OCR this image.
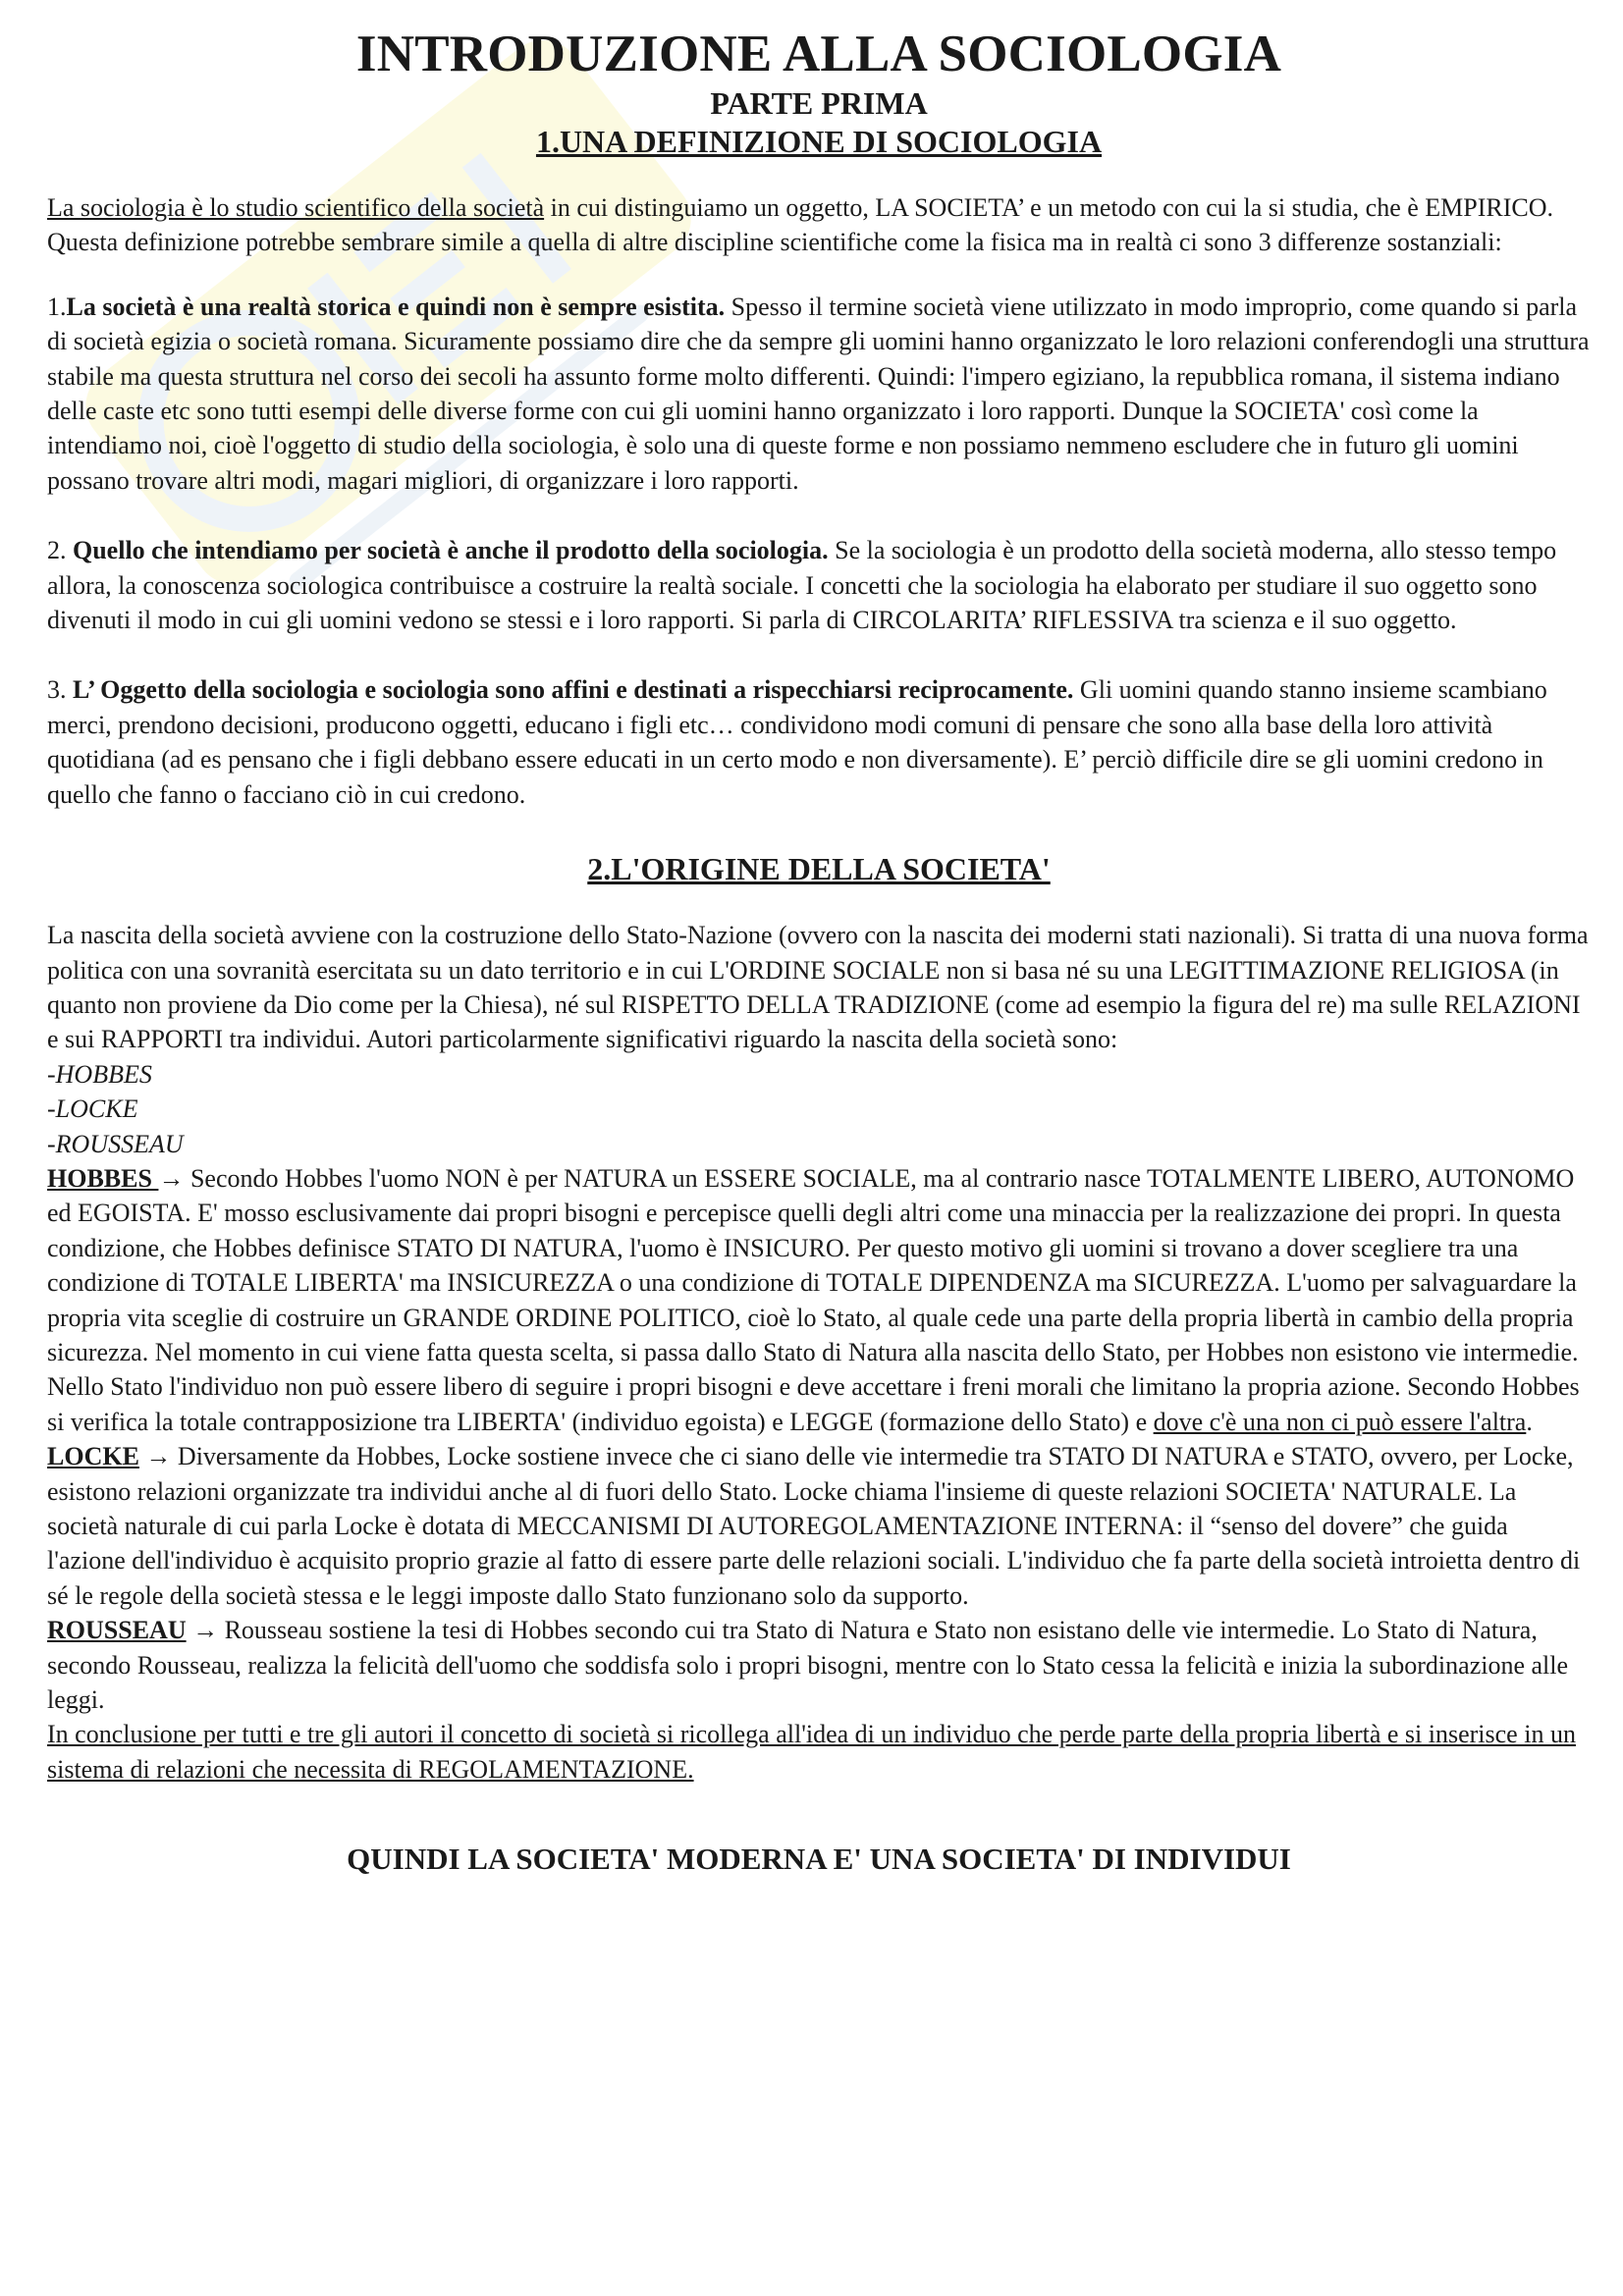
INTRODUZIONE ALLA SOCIOLOGIA
PARTE PRIMA
1.UNA DEFINIZIONE DI SOCIOLOGIA

La sociologia è lo studio scientifico della società in cui distinguiamo un oggetto, LA SOCIETA’ e un metodo con cui la si studia, che è EMPIRICO. Questa definizione potrebbe sembrare simile a quella di altre discipline scientifiche come la fisica ma in realtà ci sono 3 differenze sostanziali:

1.La società è una realtà storica e quindi non è sempre esistita. Spesso il termine società viene utilizzato in modo improprio, come quando si parla di società egizia o società romana. Sicuramente possiamo dire che da sempre gli uomini hanno organizzato le loro relazioni conferendogli una struttura stabile ma questa struttura nel corso dei secoli ha assunto forme molto differenti. Quindi: l'impero egiziano, la repubblica romana, il sistema indiano delle caste etc sono tutti esempi delle diverse forme con cui gli uomini hanno organizzato i loro rapporti. Dunque la SOCIETA' così come la intendiamo noi, cioè l'oggetto di studio della sociologia, è solo una di queste forme e non possiamo nemmeno escludere che in futuro gli uomini possano trovare altri modi, magari migliori, di organizzare i loro rapporti.

2. Quello che intendiamo per società è anche il prodotto della sociologia. Se la sociologia è un prodotto della società moderna, allo stesso tempo allora, la conoscenza sociologica contribuisce a costruire la realtà sociale. I concetti che la sociologia ha elaborato per studiare il suo oggetto sono divenuti il modo in cui gli uomini vedono se stessi e i loro rapporti. Si parla di CIRCOLARITA’ RIFLESSIVA tra scienza e il suo oggetto.

3. L’ Oggetto della sociologia e sociologia sono affini e destinati a rispecchiarsi reciprocamente. Gli uomini quando stanno insieme scambiano merci, prendono decisioni, producono oggetti, educano i figli etc… condividono modi comuni di pensare che sono alla base della loro attività quotidiana (ad es pensano che i figli debbano essere educati in un certo modo e non diversamente). E’ perciò difficile dire se gli uomini credono in quello che fanno o facciano ciò in cui credono.

2.L'ORIGINE DELLA SOCIETA'

La nascita della società avviene con la costruzione dello Stato-Nazione (ovvero con la nascita dei moderni stati nazionali). Si tratta di una nuova forma politica con una sovranità esercitata su un dato territorio e in cui L'ORDINE SOCIALE non si basa né su una LEGITTIMAZIONE RELIGIOSA (in quanto non proviene da Dio come per la Chiesa), né sul RISPETTO DELLA TRADIZIONE (come ad esempio la figura del re) ma sulle RELAZIONI e sui RAPPORTI tra individui. Autori particolarmente significativi riguardo la nascita della società sono:

-HOBBES

-LOCKE

-ROUSSEAU

HOBBES → Secondo Hobbes l'uomo NON è per NATURA un ESSERE SOCIALE, ma al contrario nasce TOTALMENTE LIBERO, AUTONOMO ed EGOISTA. E' mosso esclusivamente dai propri bisogni e percepisce quelli degli altri come una minaccia per la realizzazione dei propri. In questa condizione, che Hobbes definisce STATO DI NATURA, l'uomo è INSICURO. Per questo motivo gli uomini si trovano a dover scegliere tra una condizione di TOTALE LIBERTA' ma INSICUREZZA o una condizione di TOTALE DIPENDENZA ma SICUREZZA. L'uomo per salvaguardare la propria vita sceglie di costruire un GRANDE ORDINE POLITICO, cioè lo Stato, al quale cede una parte della propria libertà in cambio della propria sicurezza. Nel momento in cui viene fatta questa scelta, si passa dallo Stato di Natura alla nascita dello Stato, per Hobbes non esistono vie intermedie. Nello Stato l'individuo non può essere libero di seguire i propri bisogni e deve accettare i freni morali che limitano la propria azione. Secondo Hobbes si verifica la totale contrapposizione tra LIBERTA' (individuo egoista) e LEGGE (formazione dello Stato) e dove c'è una non ci può essere l'altra.

LOCKE → Diversamente da Hobbes, Locke sostiene invece che ci siano delle vie intermedie tra STATO DI NATURA e STATO, ovvero, per Locke, esistono relazioni organizzate tra individui anche al di fuori dello Stato. Locke chiama l'insieme di queste relazioni SOCIETA' NATURALE. La società naturale di cui parla Locke è dotata di MECCANISMI DI AUTOREGOLAMENTAZIONE INTERNA: il “senso del dovere” che guida l'azione dell'individuo è acquisito proprio grazie al fatto di essere parte delle relazioni sociali. L'individuo che fa parte della società introietta dentro di sé le regole della società stessa e le leggi imposte dallo Stato funzionano solo da supporto.

ROUSSEAU → Rousseau sostiene la tesi di Hobbes secondo cui tra Stato di Natura e Stato non esistano delle vie intermedie. Lo Stato di Natura, secondo Rousseau, realizza la felicità dell'uomo che soddisfa solo i propri bisogni, mentre con lo Stato cessa la felicità e inizia la subordinazione alle leggi.

In conclusione per tutti e tre gli autori il concetto di società si ricollega all'idea di un individuo che perde parte della propria libertà e si inserisce in un sistema di relazioni che necessita di REGOLAMENTAZIONE.

QUINDI LA SOCIETA' MODERNA E' UNA SOCIETA' DI INDIVIDUI
